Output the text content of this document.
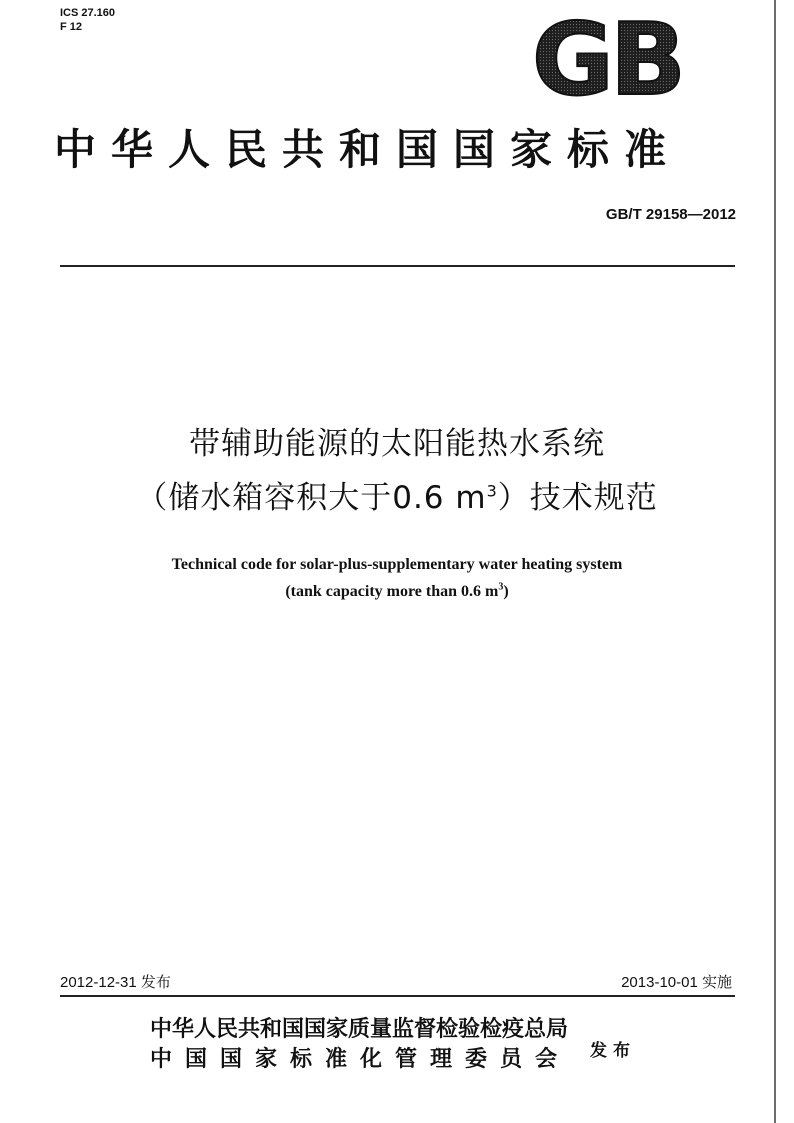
ICS 27.160
F 12	GB
中华人民共和国国家标准
GB/T 29158—2012
带辅助能源的太阳能热水系统
（储水箱容积大于0.6 $m^3$）技术规范
Technical code for solar-plus-supplementary water heating system
(tank capacity more than 0.6 $m^3$)
2012-12-31 发布	2013-10-01 实施
中华人民共和国国家质量监督检验检疫总局
中国国家标准化管理委员会 发布
